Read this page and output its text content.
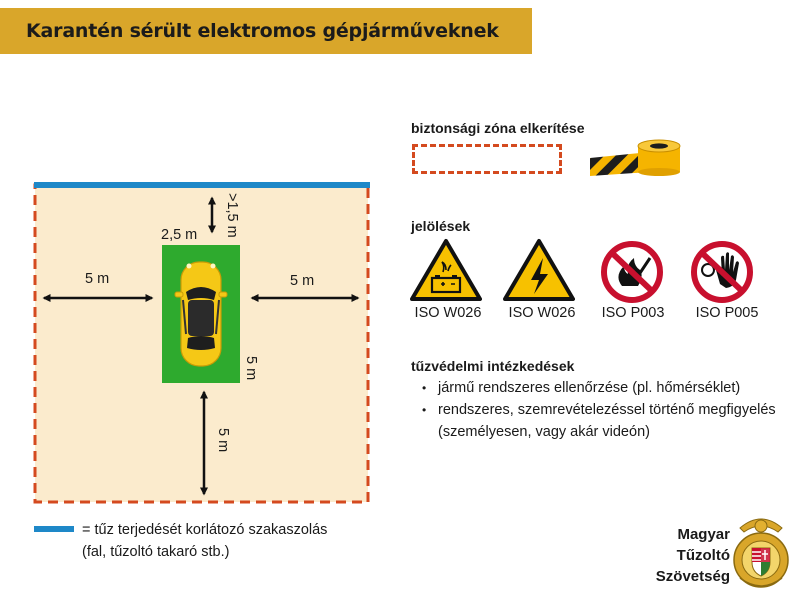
Karantén sérült elektromos gépjárműveknek
>1,5 m
2,5 m
5 m	5 m
5 m
5 m
= tűz terjedését korlátozó szakaszolás
(fal, tűzoltó takaró stb.)
biztonsági zóna elkerítése
jelölések
ISO W026	ISO W026	ISO P003	ISO P005
tűzvédelmi intézkedések
• jármű rendszeres ellenőrzése (pl. hőmérséklet)
• rendszeres, szemrevételezéssel történő megfigyelés (személyesen, vagy akár videón)
Magyar
Tűzoltó
Szövetség
